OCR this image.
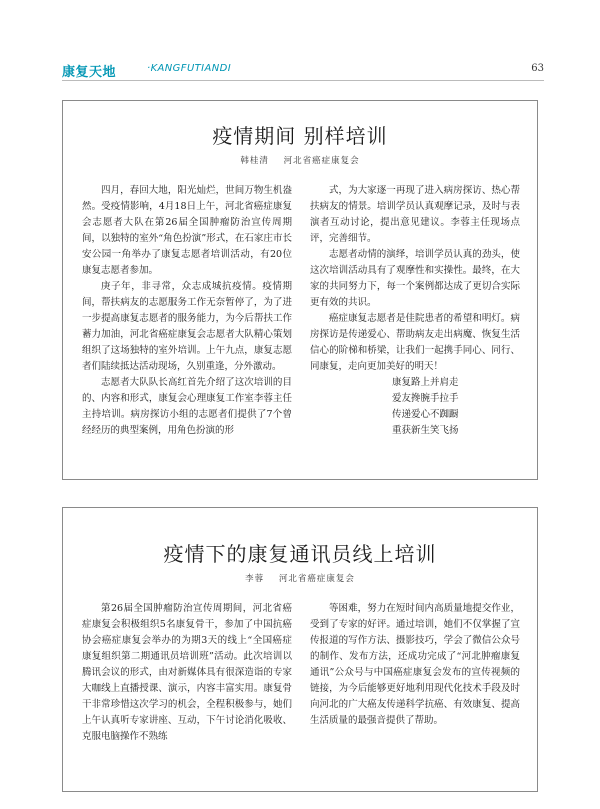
康复天地	·KANGFUTIANDI	63
疫情期间 别样培训
韩桂清    河北省癌症康复会

四月，春回大地，阳光灿烂，世间万物生机盎然。受疫情影响，4月18日上午，河北省癌症康复会志愿者大队在第26届全国肿瘤防治宣传周期间，以独特的室外“角色扮演”形式，在石家庄市长安公园一角举办了康复志愿者培训活动，有20位康复志愿者参加。

庚子年，非寻常，众志成城抗疫情。疫情期间，帮扶病友的志愿服务工作无奈暂停了，为了进一步提高康复志愿者的服务能力，为今后帮扶工作蓄力加油，河北省癌症康复会志愿者大队精心策划组织了这场独特的室外培训。上午九点，康复志愿者们陆续抵达活动现场，久别重逢，分外激动。

志愿者大队队长高红首先介绍了这次培训的目的、内容和形式，康复会心理康复工作室李蓉主任主持培训。病房探访小组的志愿者们提供了7个曾经经历的典型案例，用角色扮演的形

式，为大家逐一再现了进入病房探访、热心帮扶病友的情景。培训学员认真观摩记录，及时与表演者互动讨论，提出意见建议。李蓉主任现场点评，完善细节。

志愿者动情的演绎，培训学员认真的劲头，使这次培训活动具有了观摩性和实操性。最终，在大家的共同努力下，每一个案例都达成了更切合实际更有效的共识。

癌症康复志愿者是佳院患者的希望和明灯。病房探访是传递爱心、帮助病友走出病魔、恢复生活信心的阶梯和桥梁，让我们一起携手同心、同行、同康复，走向更加美好的明天！

康复路上并肩走
爱友搀腕手拉手
传递爱心不踟蹰
重获新生笑飞扬
疫情下的康复通讯员线上培训
李蓉    河北省癌症康复会

第26届全国肿瘤防治宣传周期间，河北省癌症康复会积极组织5名康复骨干，参加了中国抗癌协会癌症康复会举办的为期3天的线上“全国癌症康复组织第二期通讯员培训班”活动。此次培训以腾讯会议的形式，由对新媒体具有很深造诣的专家大咖线上直播授课、演示，内容丰富实用。康复骨干非常珍惜这次学习的机会，全程积极参与，她们上午认真听专家讲座、互动，下午讨论消化吸收、克服电脑操作不熟练

等困难，努力在短时间内高质量地提交作业，受到了专家的好评。通过培训，她们不仅掌握了宣传报道的写作方法、摄影技巧，学会了微信公众号的制作、发布方法，还成功完成了“河北肿瘤康复通讯”公众号与中国癌症康复会发布的宣传视频的链接，为今后能够更好地利用现代化技术手段及时向河北的广大癌友传递科学抗癌、有效康复、提高生活质量的最强音提供了帮助。
